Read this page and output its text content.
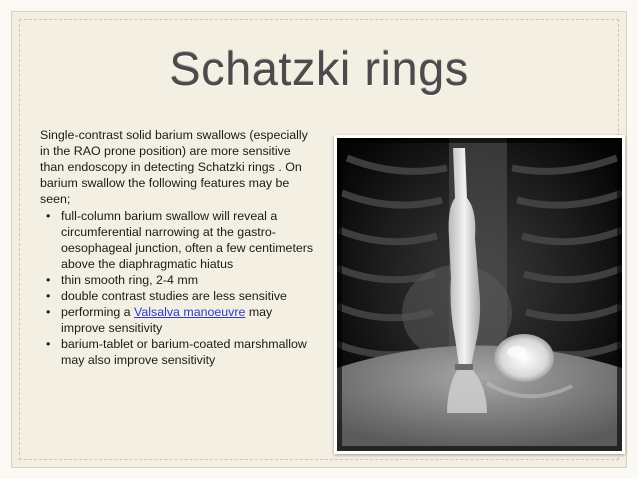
Schatzki rings

Single-contrast solid barium swallows (especially in the RAO prone position) are more sensitive than endoscopy in detecting Schatzki rings . On barium swallow the following features may be seen;

• full-column barium swallow will reveal a circumferential narrowing at the gastro-oesophageal junction, often a few centimeters above the diaphragmatic hiatus
• thin smooth ring, 2-4 mm
• double contrast studies are less sensitive
• performing a Valsalva manoeuvre may improve sensitivity
• barium-tablet or barium-coated marshmallow may also improve sensitivity
